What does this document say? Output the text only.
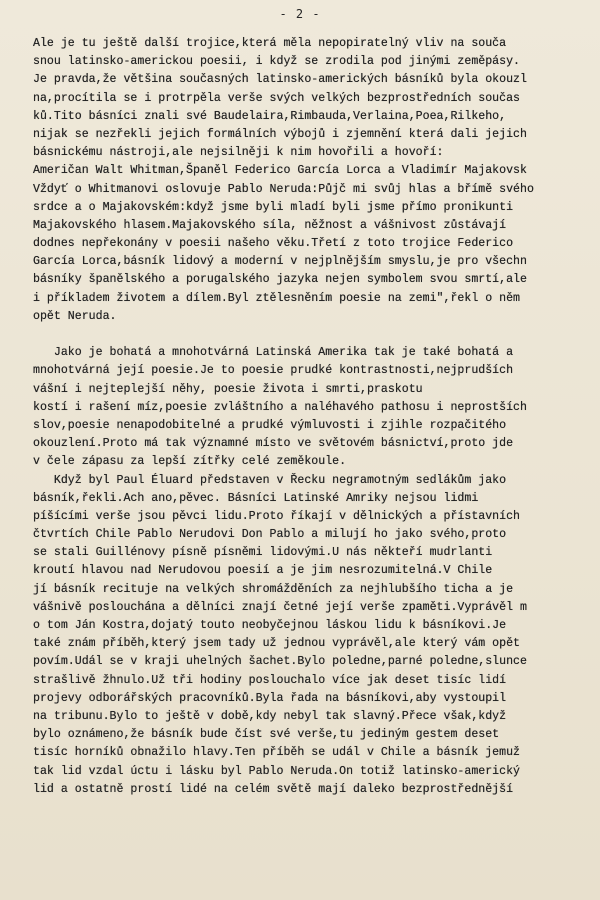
- 2 -
Ale je tu ještě další trojice,která měla nepopiratelný vliv na souča
snou latinsko-americkou poesii, i když se zrodila pod jinými zeměpásy.
Je pravda,že většina současných latinsko-amerických básníků byla okouzl
na,procítila se i protrpěla verše svých velkých bezprostředních součas
ků.Tito básníci znali své Baudelaira,Rimbauda,Verlaina,Poea,Rilkeho,
nijak se nezřekli jejich formálních výbojů i zjemnění která dali jejich
básnickému nástroji,ale nejsilněji k nim hovořili a hovoří:
Američan Walt Whitman,Španěl Federico García Lorca a Vladimír Majakovsk
Vždyť o Whitmanovi oslovuje Pablo Neruda:Půjč mi svůj hlas a břímě svého
srdce a o Majakovském:když jsme byli mladí byli jsme přímo pronikunti
Majakovského hlasem.Majakovského síla, něžnost a vášnivost zůstávají
dodnes nepřekonány v poesii našeho věku.Třetí z toto trojice Federico
García Lorca,básník lidový a moderní v nejplnějším smyslu,je pro všechn
básníky španělského a porugalského jazyka nejen symbolem svou smrtí,ale
i příkladem životem a dílem.Byl ztělesněním poesie na zemi",řekl o něm
opět Neruda.
Jako je bohatá a mnohotvárná Latinská Amerika tak je také bohatá a
mnohotvárná její poesie.Je to poesie prudké kontrastnosti,nejprudších
vášní i nejteplejší něhy, poesie života i smrti,praskotu
kostí i rašení míz,poesie zvláštního a naléhavého pathosu i neprostších
slov,poesie nenapodobitelné a prudké výmluvosti i zjihle rozpačitého
okouzlení.Proto má tak významné místo ve světovém básnictví,proto jde
v čele zápasu za lepší zítřky celé zeměkoule.
Když byl Paul Éluard představen v Řecku negramotným sedlákům jako
básník,řekli.Ach ano,pěvec. Básníci Latinské Amriky nejsou lidmi
píšícími verše jsou pěvci lidu.Proto říkají v dělnických a přístavních
čtvrtích Chile Pablo Nerudovi Don Pablo a milují ho jako svého,proto
se stali Guillénovy písně písněmi lidovými.U nás někteří mudrlanti
kroutí hlavou nad Nerudovou poesií a je jim nesrozumitelná.V Chile
jí básník recituje na velkých shromážděních za nejhlubšího ticha a je
vášnivě poslouchána a dělníci znají četné její verše zpaměti.Vyprávěl m
o tom Ján Kostra,dojatý touto neobyčejnou láskou lidu k básníkovi.Je
také znám příběh,který jsem tady už jednou vyprávěl,ale který vám opět
povím.Udál se v kraji uhelných šachet.Bylo poledne,parné poledne,slunce
strašlivě žhnulo.Už tři hodiny poslouchalo více jak deset tisíc lidí
projevy odborářských pracovníků.Byla řada na básníkovi,aby vystoupil
na tribunu.Bylo to ještě v době,kdy nebyl tak slavný.Přece však,když
bylo oznámeno,že básník bude číst své verše,tu jediným gestem deset
tisíc horníků obnažilo hlavy.Ten příběh se udál v Chile a básník jemuž
tak lid vzdal úctu i lásku byl Pablo Neruda.On totiž latinsko-americký
lid a ostatně prostí lidé na celém světě mají daleko bezprostřednější
